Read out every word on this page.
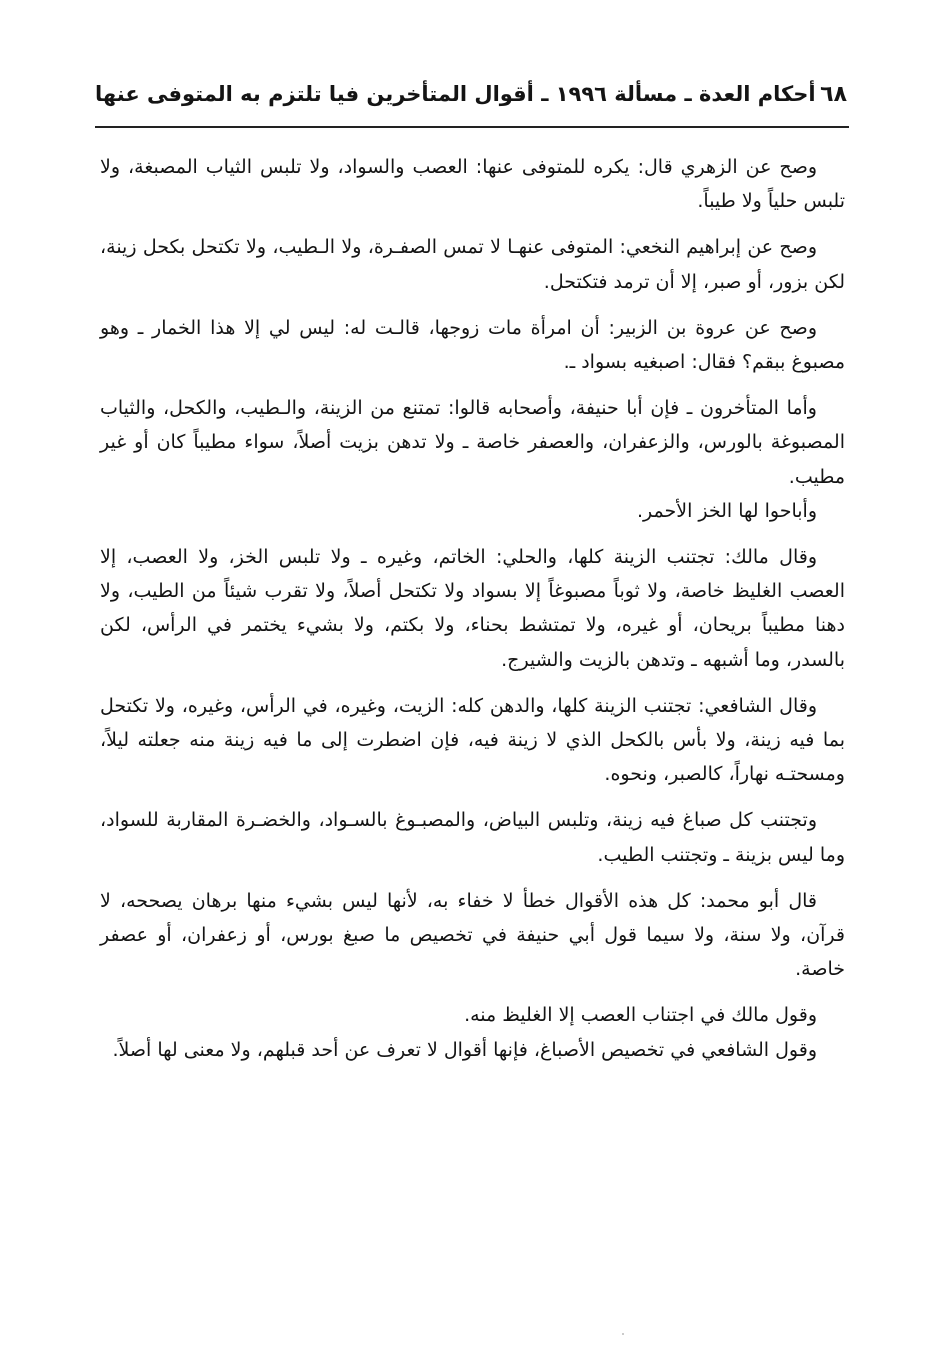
٦٨
أحكام العدة ـ مسألة ١٩٩٦ ـ أقوال المتأخرين فيا تلتزم به المتوفى عنها

وصح عن الزهري قال: يكره للمتوفى عنها: العصب والسواد، ولا تلبس الثياب المصبغة، ولا تلبس حلياً ولا طيباً.

وصح عن إبراهيم النخعي: المتوفى عنهـا لا تمس الصفـرة، ولا الـطيب، ولا تكتحل بكحل زينة، لكن بزور، أو صبر، إلا أن ترمد فتكتحل.

وصح عن عروة بن الزبير: أن امرأة مات زوجها، قالـت له: ليس لي إلا هذا الخمار ـ وهو مصبوغ ببقم؟ فقال: اصبغيه بسواد ـ.

وأما المتأخرون ـ فإن أبا حنيفة، وأصحابه قالوا: تمتنع من الزينة، والـطيب، والكحل، والثياب المصبوغة بالورس، والزعفران، والعصفر خاصة ـ ولا تدهن بزيت أصلاً، سواء مطيباً كان أو غير مطيب.

وأباحوا لها الخز الأحمر.

وقال مالك: تجتنب الزينة كلها، والحلي: الخاتم، وغيره ـ ولا تلبس الخز، ولا العصب، إلا العصب الغليظ خاصة، ولا ثوباً مصبوغاً إلا بسواد ولا تكتحل أصلاً، ولا تقرب شيئاً من الطيب، ولا دهنا مطيباً بريحان، أو غيره، ولا تمتشط بحناء، ولا بكتم، ولا بشيء يختمر في الرأس، لكن بالسدر، وما أشبهه ـ وتدهن بالزيت والشيرج.

وقال الشافعي: تجتنب الزينة كلها، والدهن كله: الزيت، وغيره، في الرأس، وغيره، ولا تكتحل بما فيه زينة، ولا بأس بالكحل الذي لا زينة فيه، فإن اضطرت إلى ما فيه زينة منه جعلته ليلاً، ومسحتـه نهاراً، كالصبر، ونحوه.

وتجتنب كل صباغ فيه زينة، وتلبس البياض، والمصبـوغ بالسـواد، والخضـرة المقاربة للسواد، وما ليس بزينة ـ وتجتنب الطيب.

قال أبو محمد: كل هذه الأقوال خطأ لا خفاء به، لأنها ليس بشيء منها برهان يصححه، لا قرآن، ولا سنة، ولا سيما قول أبي حنيفة في تخصيص ما صبغ بورس، أو زعفران، أو عصفر خاصة.

وقول مالك في اجتناب العصب إلا الغليظ منه.

وقول الشافعي في تخصيص الأصباغ، فإنها أقوال لا تعرف عن أحد قبلهم، ولا معنى لها أصلاً.
